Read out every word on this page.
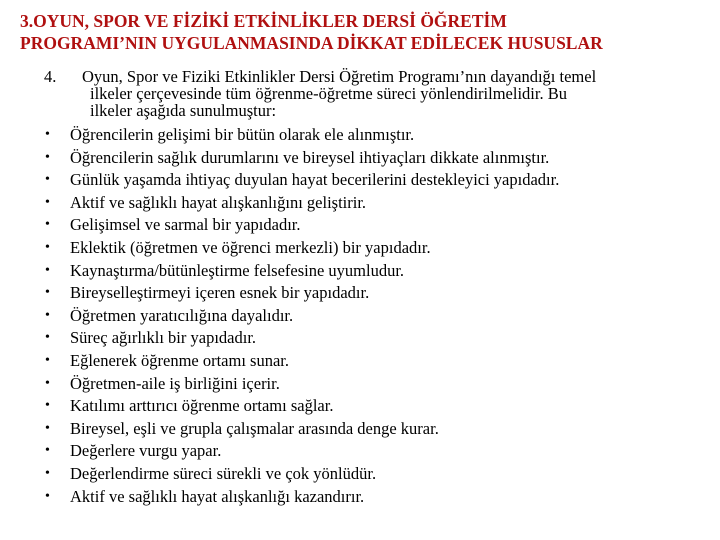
3.OYUN, SPOR VE FİZİKİ ETKİNLİKLER DERSİ ÖĞRETİM
PROGRAMI’NIN UYGULANMASINDA DİKKAT EDİLECEK HUSUSLAR
4. Oyun, Spor ve Fiziki Etkinlikler Dersi Öğretim Programı’nın dayandığı temel
ilkeler çerçevesinde tüm öğrenme-öğretme süreci yönlendirilmelidir. Bu
ilkeler aşağıda sunulmuştur:
• Öğrencilerin gelişimi bir bütün olarak ele alınmıştır.
• Öğrencilerin sağlık durumlarını ve bireysel ihtiyaçları dikkate alınmıştır.
• Günlük yaşamda ihtiyaç duyulan hayat becerilerini destekleyici yapıdadır.
• Aktif ve sağlıklı hayat alışkanlığını geliştirir.
• Gelişimsel ve sarmal bir yapıdadır.
• Eklektik (öğretmen ve öğrenci merkezli) bir yapıdadır.
• Kaynaştırma/bütünleştirme felsefesine uyumludur.
• Bireyselleştirmeyi içeren esnek bir yapıdadır.
• Öğretmen yaratıcılığına dayalıdır.
• Süreç ağırlıklı bir yapıdadır.
• Eğlenerek öğrenme ortamı sunar.
• Öğretmen-aile iş birliğini içerir.
• Katılımı arttırıcı öğrenme ortamı sağlar.
• Bireysel, eşli ve grupla çalışmalar arasında denge kurar.
• Değerlere vurgu yapar.
• Değerlendirme süreci sürekli ve çok yönlüdür.
• Aktif ve sağlıklı hayat alışkanlığı kazandırır.
